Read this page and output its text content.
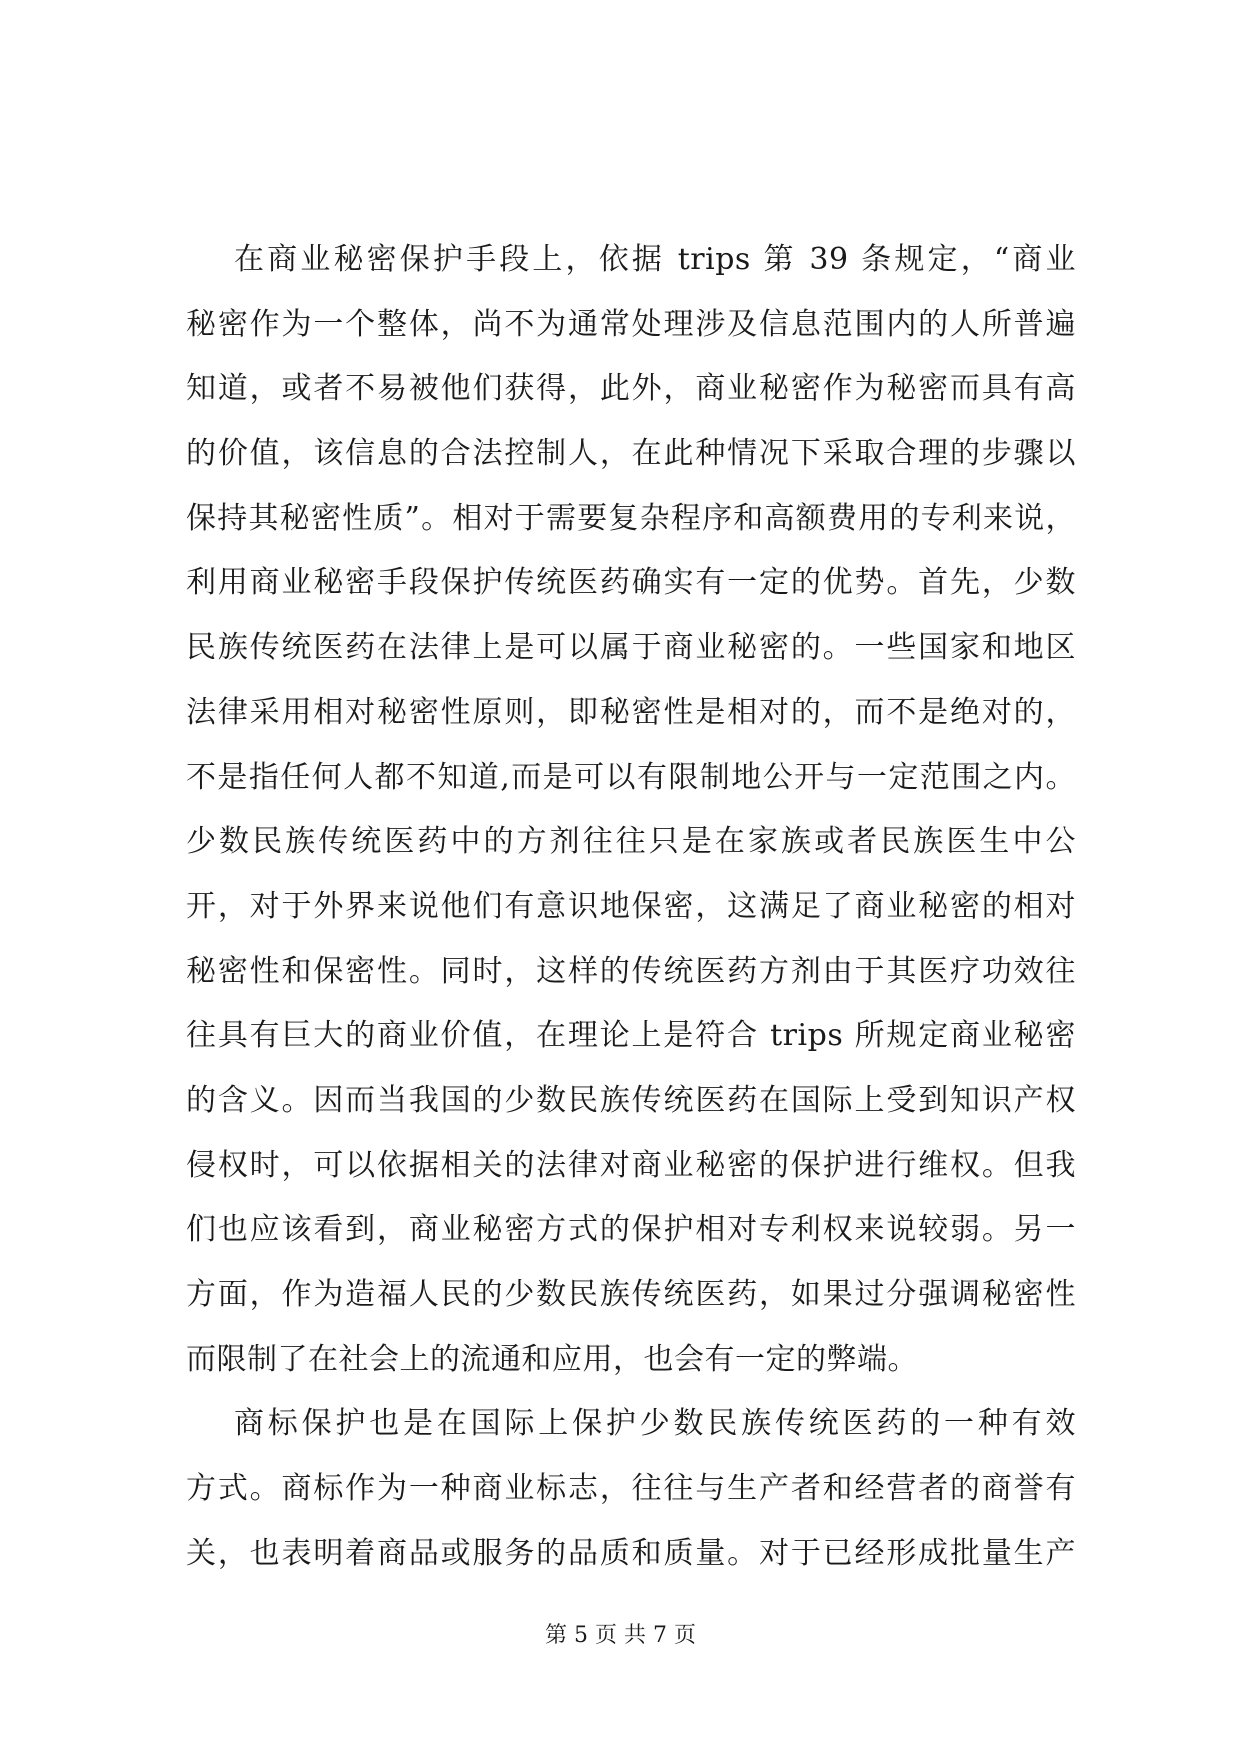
在商业秘密保护手段上，依据 trips 第 39 条规定，“商业
秘密作为一个整体，尚不为通常处理涉及信息范围内的人所普遍
知道，或者不易被他们获得，此外，商业秘密作为秘密而具有高
的价值，该信息的合法控制人，在此种情况下采取合理的步骤以
保持其秘密性质”。相对于需要复杂程序和高额费用的专利来说，
利用商业秘密手段保护传统医药确实有一定的优势。首先，少数
民族传统医药在法律上是可以属于商业秘密的。一些国家和地区
法律采用相对秘密性原则，即秘密性是相对的，而不是绝对的，
不是指任何人都不知道,而是可以有限制地公开与一定范围之内。
少数民族传统医药中的方剂往往只是在家族或者民族医生中公
开，对于外界来说他们有意识地保密，这满足了商业秘密的相对
秘密性和保密性。同时，这样的传统医药方剂由于其医疗功效往
往具有巨大的商业价值，在理论上是符合 trips 所规定商业秘密
的含义。因而当我国的少数民族传统医药在国际上受到知识产权
侵权时，可以依据相关的法律对商业秘密的保护进行维权。但我
们也应该看到，商业秘密方式的保护相对专利权来说较弱。另一
方面，作为造福人民的少数民族传统医药，如果过分强调秘密性
而限制了在社会上的流通和应用，也会有一定的弊端。
商标保护也是在国际上保护少数民族传统医药的一种有效
方式。商标作为一种商业标志，往往与生产者和经营者的商誉有
关，也表明着商品或服务的品质和质量。对于已经形成批量生产
第 5 页 共 7 页
